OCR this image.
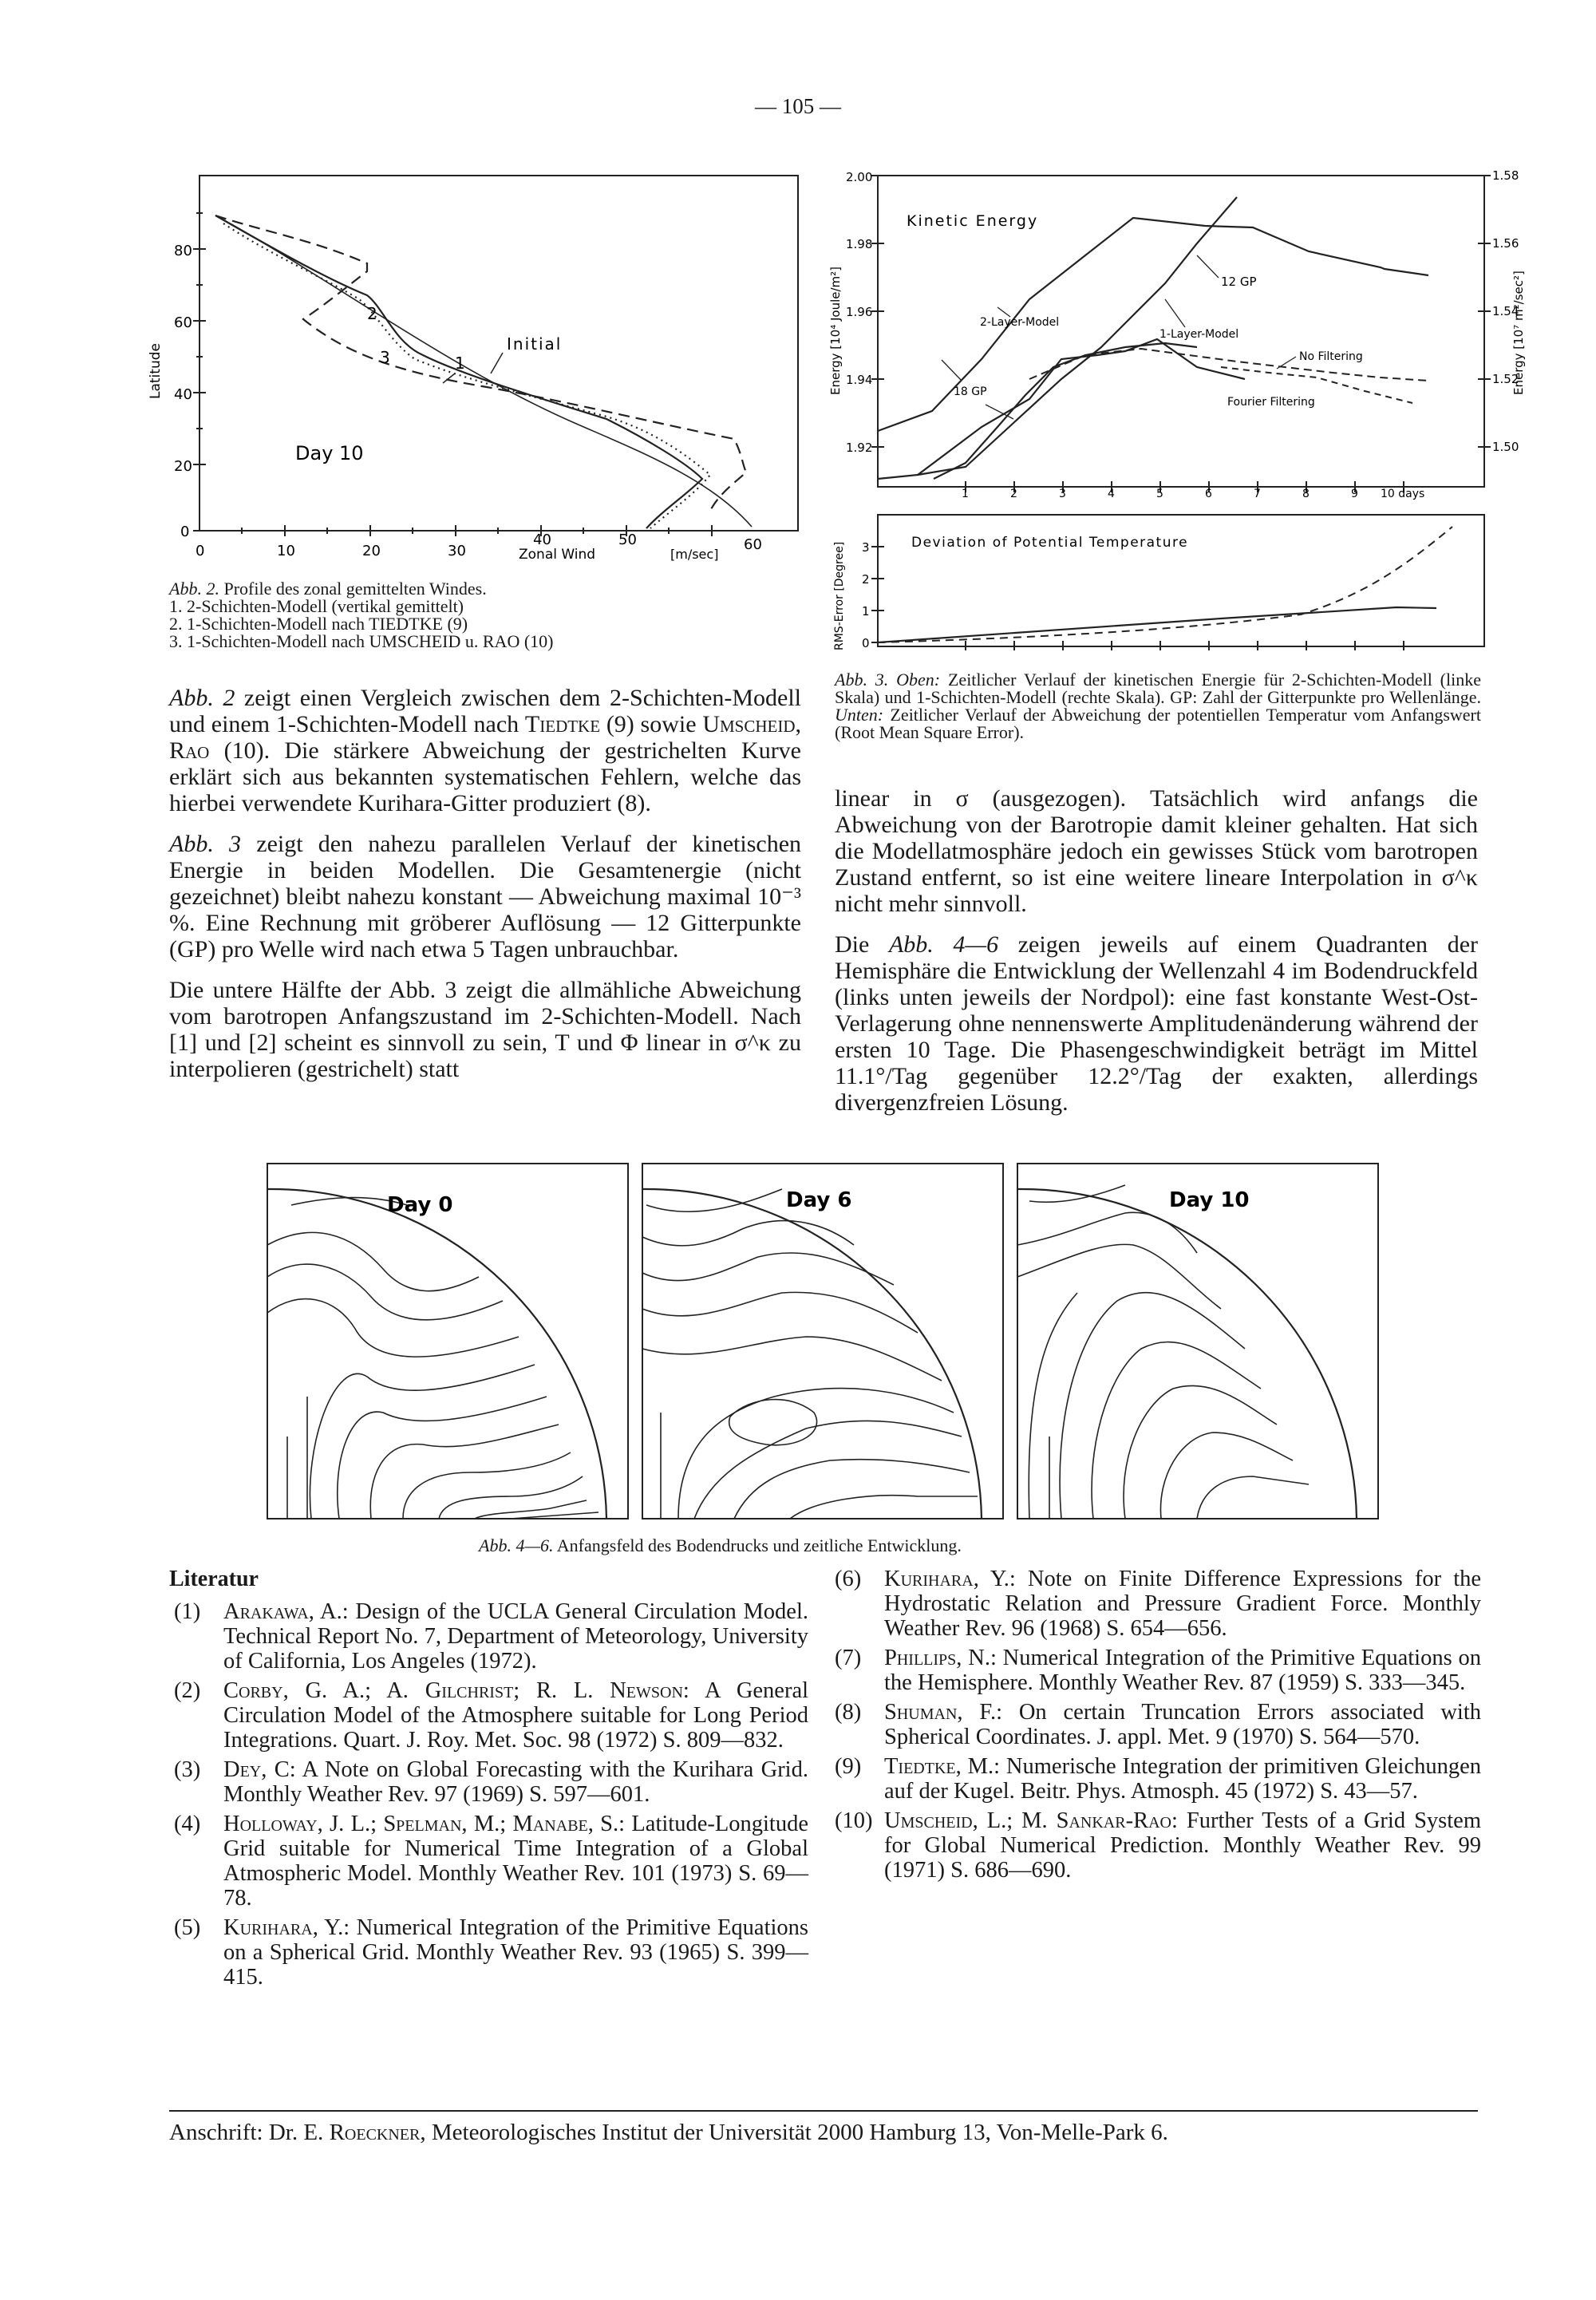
— 105 —
80
60
40
20
0
0	10	20	30
40	50	60
Zonal Wind	[m/sec]
Latitude
2
3	1
Initial
Day 10
Abb. 2. Profile des zonal gemittelten Windes.
1. 2-Schichten-Modell (vertikal gemittelt)
2. 1-Schichten-Modell nach TIEDTKE (9)
3. 1-Schichten-Modell nach UMSCHEID u. RAO (10)
2.00
1.98
1.96
1.94
1.92
1.58
1.56
1.54
1.52
1.50
Energy [10⁴ Joule/m²]	Energy [10⁷ m²/sec²]
Kinetic Energy
1	2	3	4	5	6	7	8	9 10 days
12 GP
2-Layer-Model
1-Layer-Model
No Filtering
18 GP
Fourier Filtering
3
2
1
0
RMS-Error [Degree]	Deviation of Potential Temperature
Abb. 3. Oben: Zeitlicher Verlauf der kinetischen Energie für 2-Schichten-Modell (linke Skala) und 1-Schichten-Modell (rechte Skala). GP: Zahl der Gitterpunkte pro Wellenlänge. Unten: Zeitlicher Verlauf der Abweichung der potentiellen Temperatur vom Anfangswert (Root Mean Square Error).

Abb. 2 zeigt einen Vergleich zwischen dem 2-Schichten-Modell und einem 1-Schichten-Modell nach Tiedtke (9) sowie Umscheid, Rao (10). Die stärkere Abweichung der gestrichelten Kurve erklärt sich aus bekannten systematischen Fehlern, welche das hierbei verwendete Kurihara-Gitter produziert (8).

Abb. 3 zeigt den nahezu parallelen Verlauf der kinetischen Energie in beiden Modellen. Die Gesamtenergie (nicht gezeichnet) bleibt nahezu konstant — Abweichung maximal 10⁻³ %. Eine Rechnung mit gröberer Auflösung — 12 Gitterpunkte (GP) pro Welle wird nach etwa 5 Tagen unbrauchbar.

Die untere Hälfte der Abb. 3 zeigt die allmähliche Abweichung vom barotropen Anfangszustand im 2-Schichten-Modell. Nach [1] und [2] scheint es sinnvoll zu sein, T und Φ linear in σ^κ zu interpolieren (gestrichelt) statt

linear in σ (ausgezogen). Tatsächlich wird anfangs die Abweichung von der Barotropie damit kleiner gehalten. Hat sich die Modellatmosphäre jedoch ein gewisses Stück vom barotropen Zustand entfernt, so ist eine weitere lineare Interpolation in σ^κ nicht mehr sinnvoll.

Die Abb. 4—6 zeigen jeweils auf einem Quadranten der Hemisphäre die Entwicklung der Wellenzahl 4 im Bodendruckfeld (links unten jeweils der Nordpol): eine fast konstante West-Ost-Verlagerung ohne nennenswerte Amplitudenänderung während der ersten 10 Tage. Die Phasengeschwindigkeit beträgt im Mittel 11.1°/Tag gegenüber 12.2°/Tag der exakten, allerdings divergenzfreien Lösung.

Day 0	Day 6	Day 10
Abb. 4—6. Anfangsfeld des Bodendrucks und zeitliche Entwicklung.
Literatur
(1)	Arakawa, A.: Design of the UCLA General Circulation Model. Technical Report No. 7, Department of Meteorology, University of California, Los Angeles (1972).
(2)	Corby, G. A.; A. Gilchrist; R. L. Newson: A General Circulation Model of the Atmosphere suitable for Long Period Integrations. Quart. J. Roy. Met. Soc. 98 (1972) S. 809—832.
(3)	Dey, C: A Note on Global Forecasting with the Kurihara Grid. Monthly Weather Rev. 97 (1969) S. 597—601.
(4)	Holloway, J. L.; Spelman, M.; Manabe, S.: Latitude-Longitude Grid suitable for Numerical Time Integration of a Global Atmospheric Model. Monthly Weather Rev. 101 (1973) S. 69—78.
(5)	Kurihara, Y.: Numerical Integration of the Primitive Equations on a Spherical Grid. Monthly Weather Rev. 93 (1965) S. 399—415.
(6)	Kurihara, Y.: Note on Finite Difference Expressions for the Hydrostatic Relation and Pressure Gradient Force. Monthly Weather Rev. 96 (1968) S. 654—656.
(7)	Phillips, N.: Numerical Integration of the Primitive Equations on the Hemisphere. Monthly Weather Rev. 87 (1959) S. 333—345.
(8)	Shuman, F.: On certain Truncation Errors associated with Spherical Coordinates. J. appl. Met. 9 (1970) S. 564—570.
(9)	Tiedtke, M.: Numerische Integration der primitiven Gleichungen auf der Kugel. Beitr. Phys. Atmosph. 45 (1972) S. 43—57.
(10) Umscheid, L.; M. Sankar-Rao: Further Tests of a Grid System for Global Numerical Prediction. Monthly Weather Rev. 99 (1971) S. 686—690.
Anschrift: Dr. E. Roeckner, Meteorologisches Institut der Universität 2000 Hamburg 13, Von-Melle-Park 6.
